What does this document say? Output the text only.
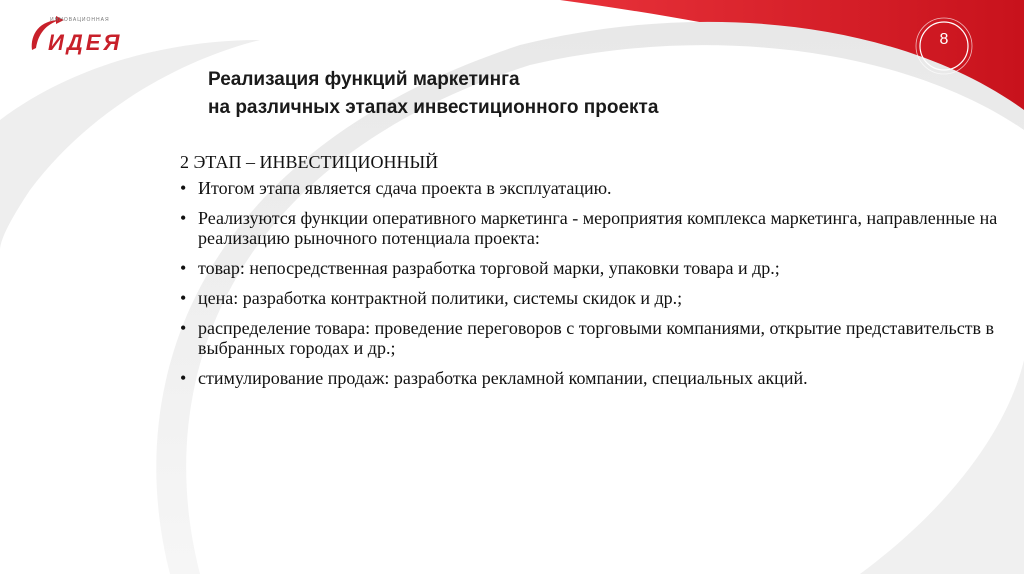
ИННОВАЦИОННАЯ
ИДЕЯ	8
Реализация функций маркетинга
на различных этапах инвестиционного проекта
2 ЭТАП – ИНВЕСТИЦИОННЫЙ
• Итогом этапа является сдача проекта в эксплуатацию.
• Реализуются функции оперативного маркетинга - мероприятия комплекса маркетинга, направленные на реализацию рыночного потенциала проекта:
• товар: непосредственная разработка торговой марки, упаковки товара и др.;
• цена: разработка контрактной политики, системы скидок и др.;
• распределение товара: проведение переговоров с торговыми компаниями, открытие представительств в выбранных городах и др.;
• стимулирование продаж: разработка рекламной компании, специальных акций.
